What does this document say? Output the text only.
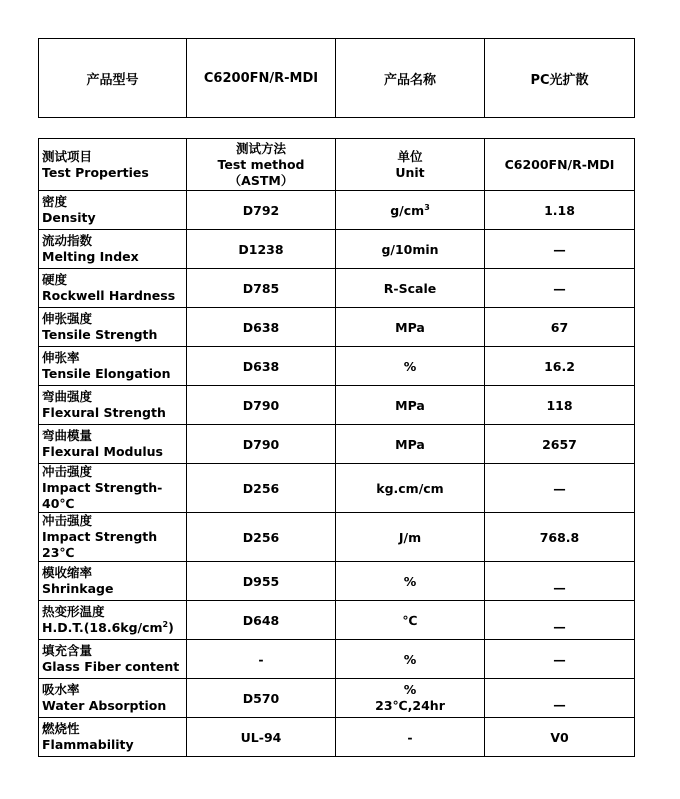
产品型号	C6200FN/R-MDI	产品名称	PC光扩散
测试项目
Test Properties	测试方法
Test method
（ASTM）	单位
Unit	C6200FN/R-MDI

密度
Density	D792	$g/cm^3$	1.18

流动指数
Melting Index	D1238	g/10min	—

硬度
Rockwell Hardness	D785	R-Scale	—

伸张强度
Tensile Strength	D638	MPa	67

伸张率
Tensile Elongation	D638	%	16.2

弯曲强度
Flexural Strength	D790	MPa	118

弯曲模量
Flexural Modulus	D790	MPa	2657

冲击强度
Impact Strength-40℃	D256	kg.cm/cm	—

冲击强度
Impact Strength 23℃	D256	J/m	768.8

模收缩率
Shrinkage	D955	%	—

热变形温度
$H.D.T.(18.6kg/cm^2)$	D648	℃	—

填充含量
Glass Fiber content	-	%	—

吸水率
Water Absorption	D570	%
23℃,24hr	—

燃烧性
Flammability	UL-94	-	V0
